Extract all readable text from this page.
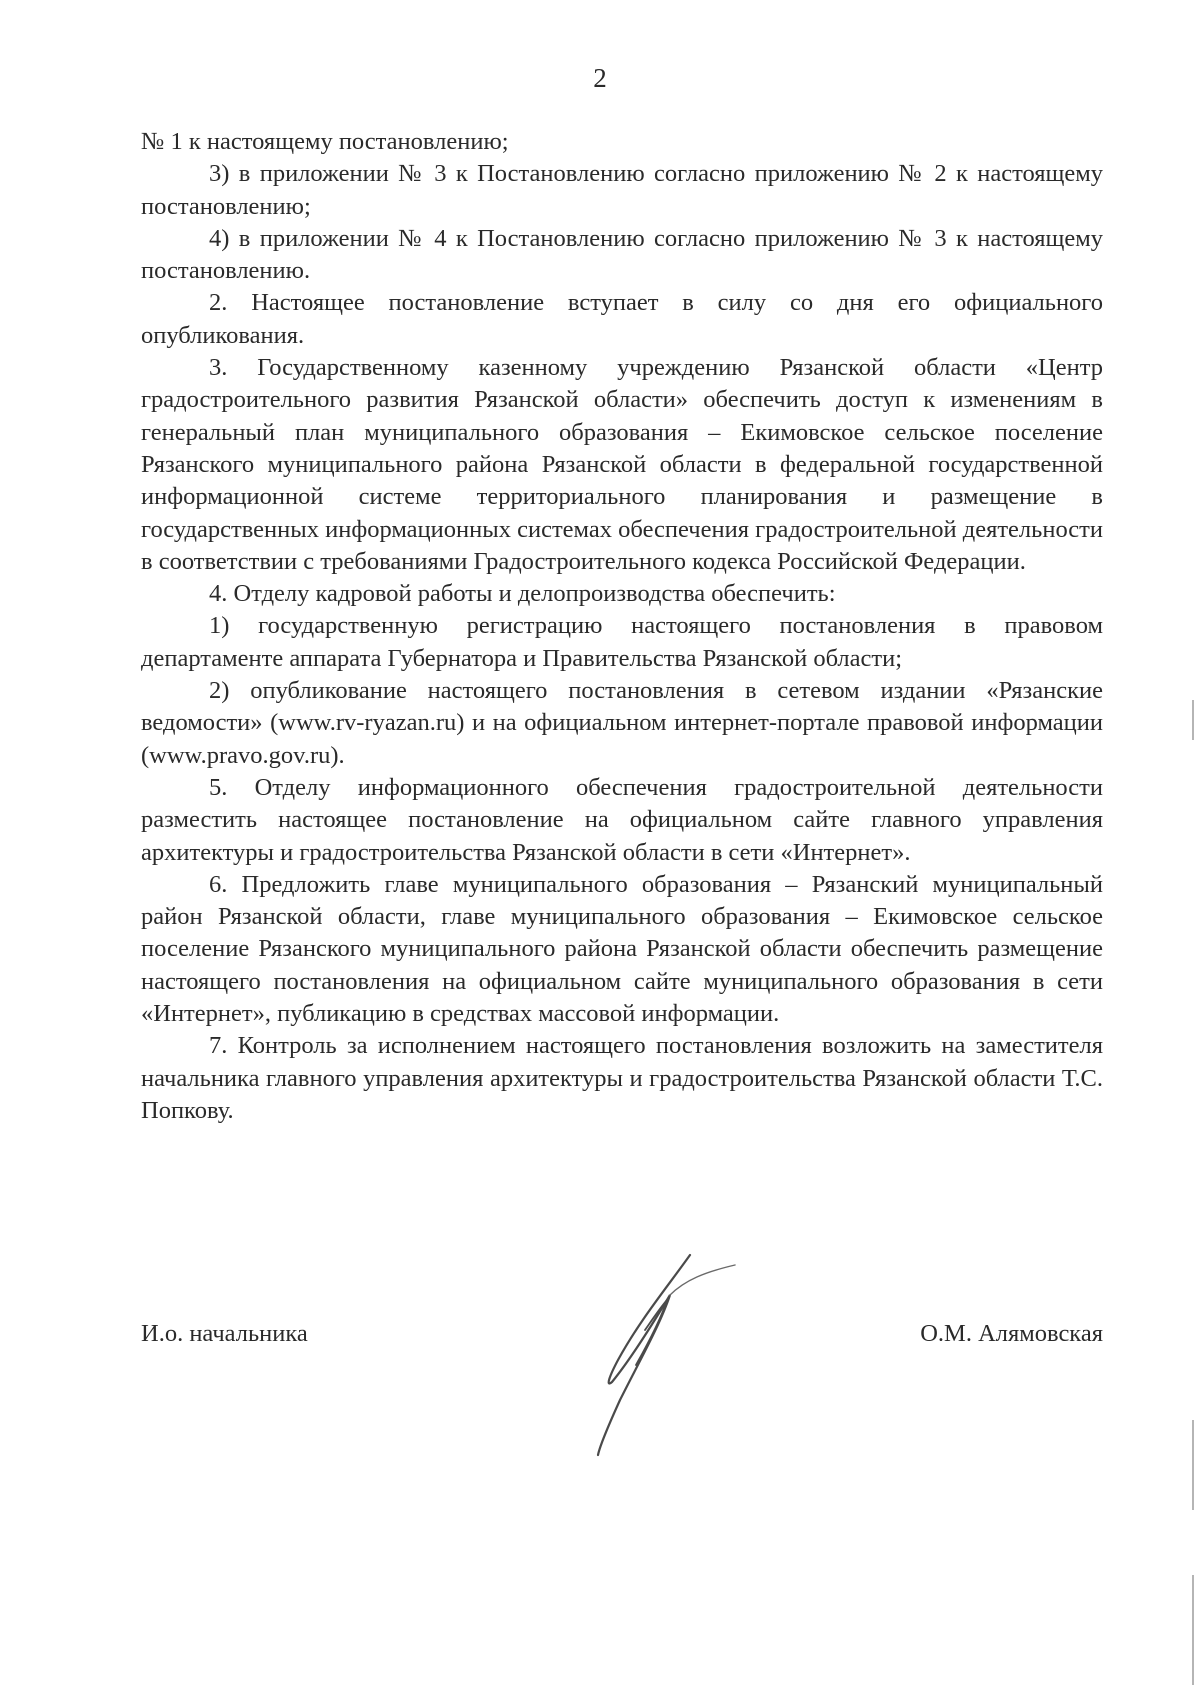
2

№ 1 к настоящему постановлению;

3) в приложении № 3 к Постановлению согласно приложению № 2 к настоящему постановлению;

4) в приложении № 4 к Постановлению согласно приложению № 3 к настоящему постановлению.

2. Настоящее постановление вступает в силу со дня его официального опубликования.

3. Государственному казенному учреждению Рязанской области «Центр градостроительного развития Рязанской области» обеспечить доступ к изменениям в генеральный план муниципального образования – Екимовское сельское поселение Рязанского муниципального района Рязанской области в федеральной государственной информационной системе территориального планирования и размещение в государственных информационных системах обеспечения градостроительной деятельности в соответствии с требованиями Градостроительного кодекса Российской Федерации.

4. Отделу кадровой работы и делопроизводства обеспечить:

1) государственную регистрацию настоящего постановления в правовом департаменте аппарата Губернатора и Правительства Рязанской области;

2) опубликование настоящего постановления в сетевом издании «Рязанские ведомости» (www.rv-ryazan.ru) и на официальном интернет-портале правовой информации (www.pravo.gov.ru).

5. Отделу информационного обеспечения градостроительной деятельности разместить настоящее постановление на официальном сайте главного управления архитектуры и градостроительства Рязанской области в сети «Интернет».

6. Предложить главе муниципального образования – Рязанский муниципальный район Рязанской области, главе муниципального образования – Екимовское сельское поселение Рязанского муниципального района Рязанской области обеспечить размещение настоящего постановления на официальном сайте муниципального образования в сети «Интернет», публикацию в средствах массовой информации.

7. Контроль за исполнением настоящего постановления возложить на заместителя начальника главного управления архитектуры и градостроительства Рязанской области Т.С. Попкову.

И.о. начальника	О.М. Алямовская
